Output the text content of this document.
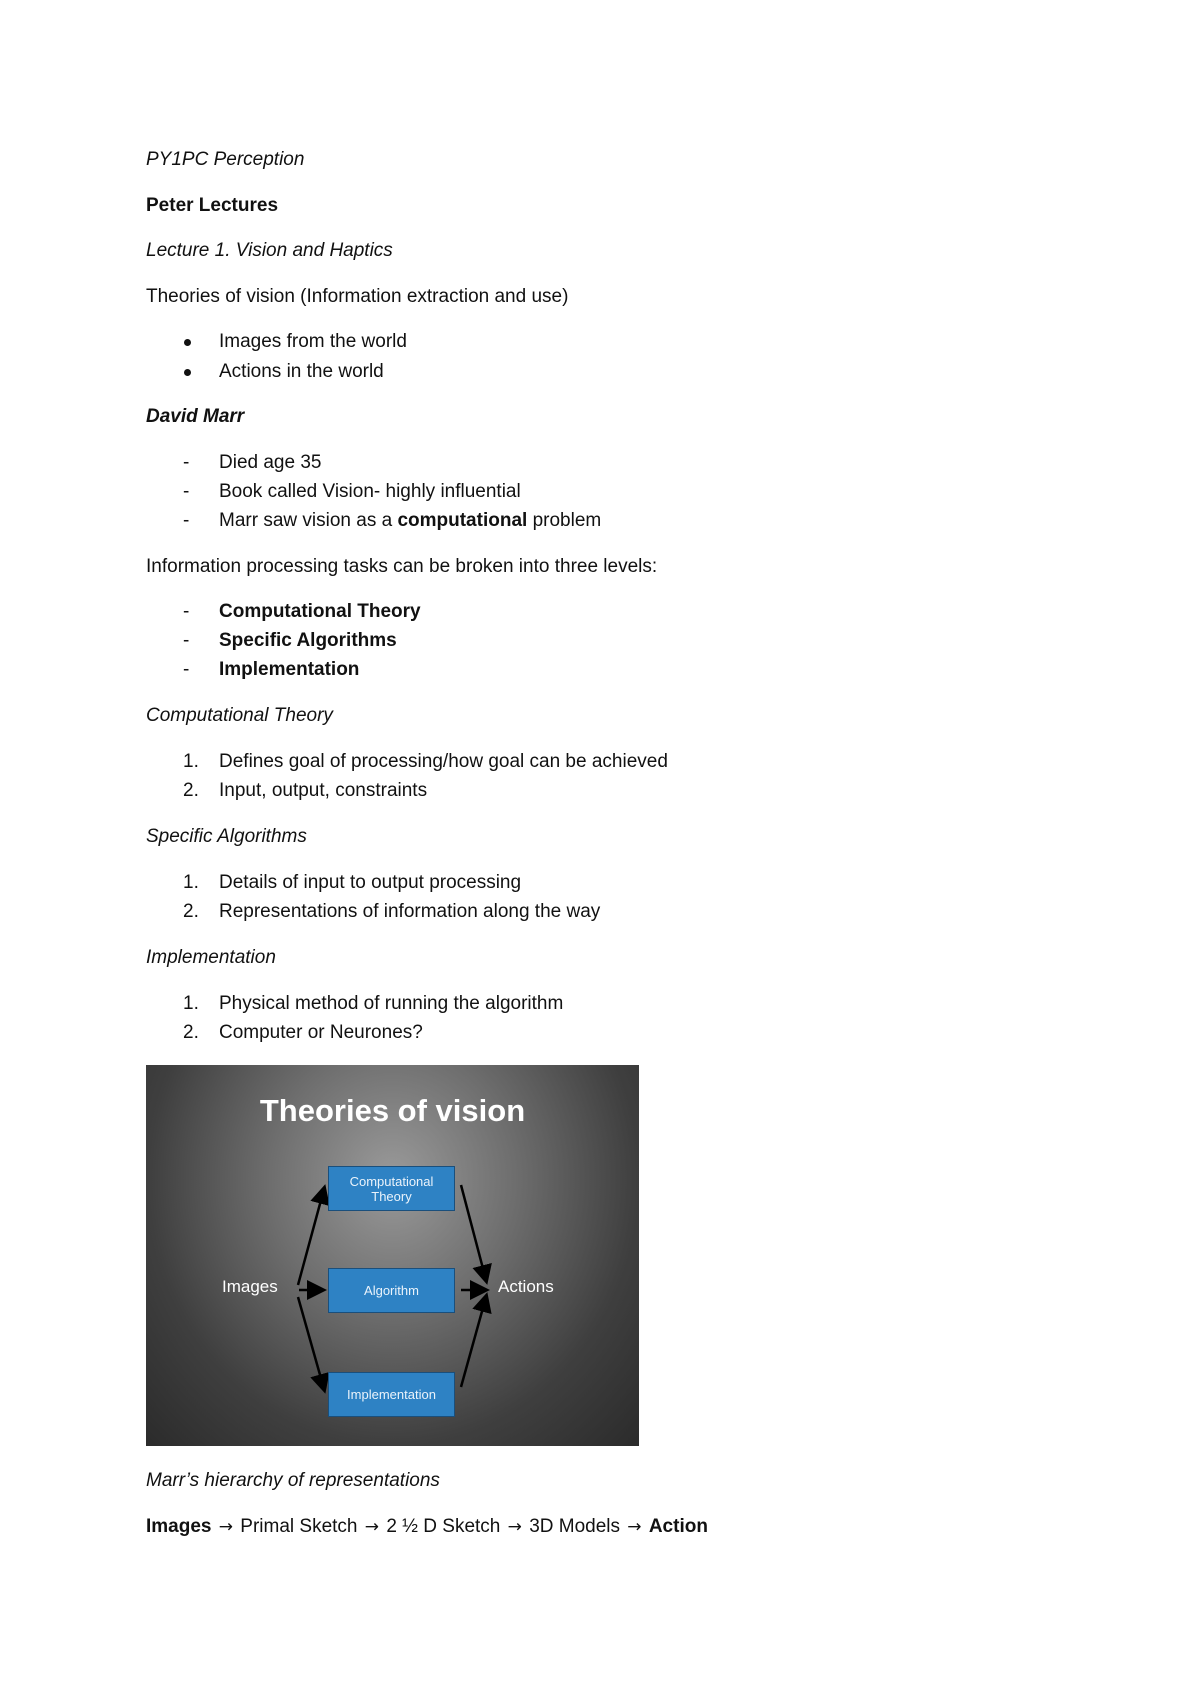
PY1PC Perception
Peter Lectures
Lecture 1. Vision and Haptics
Theories of vision (Information extraction and use)
Images from the world
Actions in the world
David Marr
-	Died age 35
-	Book called Vision- highly influential
-	Marr saw vision as a computational problem
Information processing tasks can be broken into three levels:
-	Computational Theory
-	Specific Algorithms
-	Implementation
Computational Theory
1. Defines goal of processing/how goal can be achieved
2. Input, output, constraints
Specific Algorithms
1. Details of input to output processing
2. Representations of information along the way
Implementation
1. Physical method of running the algorithm
2. Computer or Neurones?
Marr’s hierarchy of representations
Images → Primal Sketch → 2 ½ D Sketch → 3D Models → Action
Theories of vision
Images	Actions
Computational Theory
Algorithm
Implementation
